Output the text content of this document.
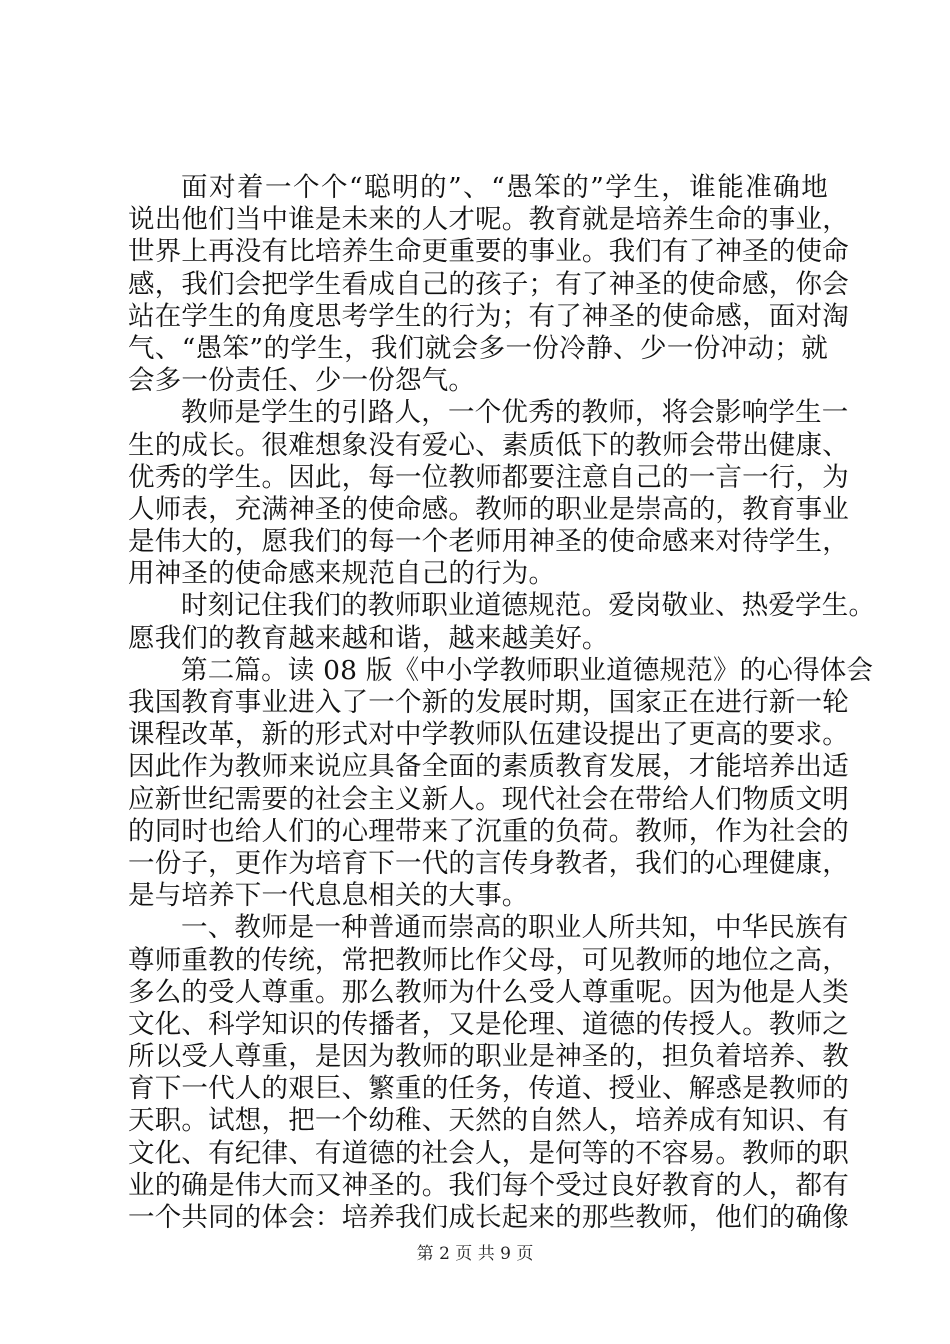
面对着一个个“聪明的”、“愚笨的”学生，谁能准确地
说出他们当中谁是未来的人才呢。教育就是培养生命的事业，
世界上再没有比培养生命更重要的事业。我们有了神圣的使命
感，我们会把学生看成自己的孩子；有了神圣的使命感，你会
站在学生的角度思考学生的行为；有了神圣的使命感，面对淘
气、“愚笨”的学生，我们就会多一份冷静、少一份冲动；就
会多一份责任、少一份怨气。
教师是学生的引路人，一个优秀的教师，将会影响学生一
生的成长。很难想象没有爱心、素质低下的教师会带出健康、
优秀的学生。因此，每一位教师都要注意自己的一言一行，为
人师表，充满神圣的使命感。教师的职业是崇高的，教育事业
是伟大的，愿我们的每一个老师用神圣的使命感来对待学生，
用神圣的使命感来规范自己的行为。
时刻记住我们的教师职业道德规范。爱岗敬业、热爱学生。
愿我们的教育越来越和谐，越来越美好。
第二篇。读 08 版《中小学教师职业道德规范》的心得体会
我国教育事业进入了一个新的发展时期，国家正在进行新一轮
课程改革，新的形式对中学教师队伍建设提出了更高的要求。
因此作为教师来说应具备全面的素质教育发展，才能培养出适
应新世纪需要的社会主义新人。现代社会在带给人们物质文明
的同时也给人们的心理带来了沉重的负荷。教师，作为社会的
一份子，更作为培育下一代的言传身教者，我们的心理健康，
是与培养下一代息息相关的大事。
一、教师是一种普通而崇高的职业人所共知，中华民族有
尊师重教的传统，常把教师比作父母，可见教师的地位之高，
多么的受人尊重。那么教师为什么受人尊重呢。因为他是人类
文化、科学知识的传播者，又是伦理、道德的传授人。教师之
所以受人尊重，是因为教师的职业是神圣的，担负着培养、教
育下一代人的艰巨、繁重的任务，传道、授业、解惑是教师的
天职。试想，把一个幼稚、天然的自然人，培养成有知识、有
文化、有纪律、有道德的社会人，是何等的不容易。教师的职
业的确是伟大而又神圣的。我们每个受过良好教育的人，都有
一个共同的体会：培养我们成长起来的那些教师，他们的确像
第 2 页 共 9 页
